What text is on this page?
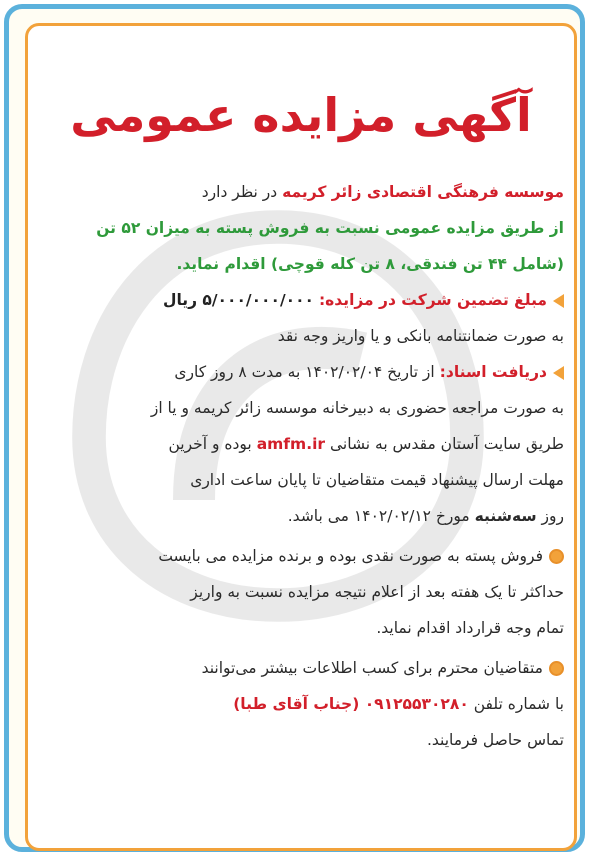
آگهی مزایده عمومی
موسسه فرهنگی اقتصادی زائر کریمه در نظر دارد
از طریق مزایده عمومی نسبت به فروش پسته به میزان ۵۲ تن
(شامل ۴۴ تن فندقی، ۸ تن کله قوچی) اقدام نماید.
مبلغ تضمین شرکت در مزایده: ۵/۰۰۰/۰۰۰/۰۰۰ ریال
به صورت ضمانتنامه بانکی و یا واریز وجه نقد
دریافت اسناد: از تاریخ ۱۴۰۲/۰۲/۰۴ به مدت ۸ روز کاری
به صورت مراجعه حضوری به دبیرخانه موسسه زائر کریمه و یا از
طریق سایت آستان مقدس به نشانی amfm.ir بوده و آخرین
مهلت ارسال پیشنهاد قیمت متقاضیان تا پایان ساعت اداری
روز سه‌شنبه مورخ ۱۴۰۲/۰۲/۱۲ می باشد.
فروش پسته به صورت نقدی بوده و برنده مزایده می بایست
حداکثر تا یک هفته بعد از اعلام نتیجه مزایده نسبت به واریز
تمام وجه قرارداد اقدام نماید.
متقاضیان محترم برای کسب اطلاعات بیشتر می‌توانند
با شماره تلفن ۰۹۱۲۵۵۳۰۲۸۰ (جناب آقای طبا)
تماس حاصل فرمایند.
